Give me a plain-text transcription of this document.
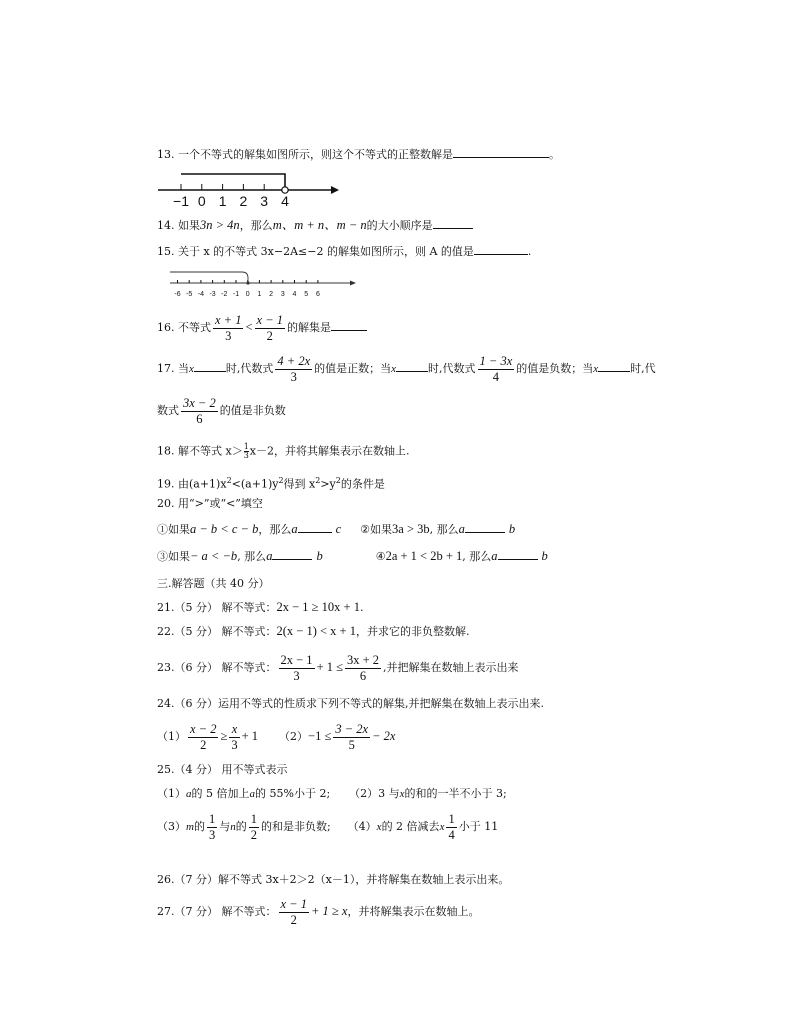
13. 一个不等式的解集如图所示，则这个不等式的正整数解是	。
−1 0 1 2 3 4
14. 如果3n > 4n，那么m、m + n、m − n的大小顺序是
15. 关于 x 的不等式 3x−2A≤−2 的解集如图所示，则 A 的值是	.
-6 -5 -4 -3 -2 -1 0 1 2 3 4 5 6
16. 不等式 $\frac{x + 1}{3} < \frac{x - 1}{2}$ 的解集是
17. 当x	时,代数式 $\frac{4 + 2x}{3}$ 的值是正数；当x	时,代数式 $\frac{1 - 3x}{4}$ 的值是负数；当x	时,代
数式 $\frac{3x - 2}{6}$ 的值是非负数
18. 解不等式 $x> \frac{1}{3} x-2$，并将其解集表示在数轴上.
19. 由$(a+1)x^2<(a+1)y^2$得到 $x^2>y^2$的条件是
20. 用“>”或“<”填空
①如果a − b < c − b，那么a	c ②如果3a > 3b, 那么a	b
③如果− a < −b, 那么a	b	④2a + 1 < 2b + 1, 那么a	b
三.解答题（共 40 分）
21.（5 分） 解不等式：2x − 1 ≥ 10x + 1.
22.（5 分） 解不等式：2(x − 1) < x + 1，并求它的非负整数解.
23.（6 分） 解不等式： $\frac{2x - 1}{3} + 1 \le \frac{3x + 2}{6}$ ,并把解集在数轴上表示出来
24.（6 分）运用不等式的性质求下列不等式的解集,并把解集在数轴上表示出来.
$(1) \frac{x - 2}{2} \ge \frac{x}{3} + 1$ $(2)-1 \le \frac{3 - 2x}{5} - 2x$
25.（4 分） 用不等式表示
（1）a的 5 倍加上a的 55%小于 2; （2）3 与x的和的一半不小于 3;
（3）m的 $\frac{1}{3}$ 与n的 $\frac{1}{2}$ 的和是非负数; （4）x的 2 倍减去x $\frac{1}{4}$ 小于 11
26.（7 分）解不等式 3x＋2＞2（x－1），并将解集在数轴上表示出来。
27.（7 分） 解不等式： $\frac{x - 1}{2} + 1 \ge x$，并将解集表示在数轴上。
